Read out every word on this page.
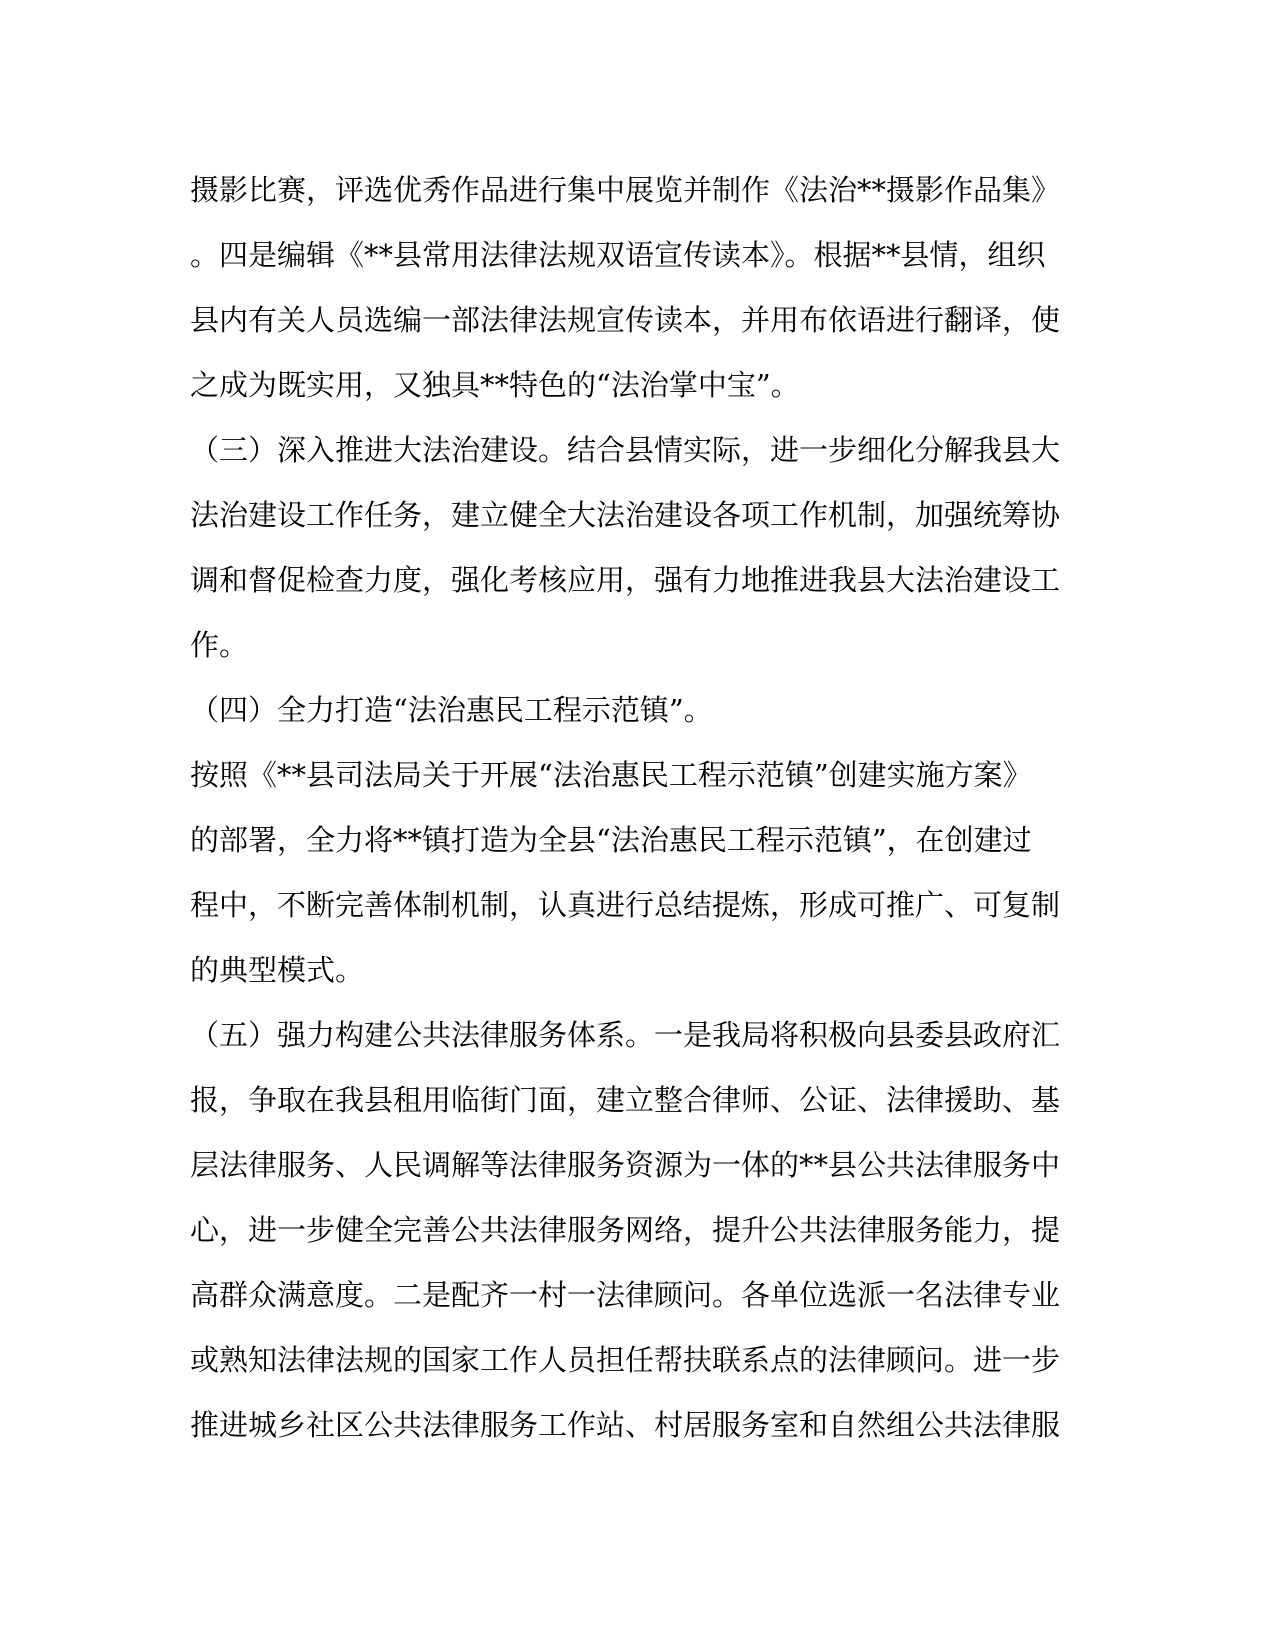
摄影比赛，评选优秀作品进行集中展览并制作《法治**摄影作品集》
。四是编辑《**县常用法律法规双语宣传读本》。根据**县情，组织
县内有关人员选编一部法律法规宣传读本，并用布依语进行翻译，使
之成为既实用，又独具**特色的“法治掌中宝”。
（三）深入推进大法治建设。结合县情实际，进一步细化分解我县大
法治建设工作任务，建立健全大法治建设各项工作机制，加强统筹协
调和督促检查力度，强化考核应用，强有力地推进我县大法治建设工
作。
（四）全力打造“法治惠民工程示范镇”。
按照《**县司法局关于开展“法治惠民工程示范镇”创建实施方案》
的部署，全力将**镇打造为全县“法治惠民工程示范镇”，在创建过
程中，不断完善体制机制，认真进行总结提炼，形成可推广、可复制
的典型模式。
（五）强力构建公共法律服务体系。一是我局将积极向县委县政府汇
报，争取在我县租用临街门面，建立整合律师、公证、法律援助、基
层法律服务、人民调解等法律服务资源为一体的**县公共法律服务中
心，进一步健全完善公共法律服务网络，提升公共法律服务能力，提
高群众满意度。二是配齐一村一法律顾问。各单位选派一名法律专业
或熟知法律法规的国家工作人员担任帮扶联系点的法律顾问。进一步
推进城乡社区公共法律服务工作站、村居服务室和自然组公共法律服
